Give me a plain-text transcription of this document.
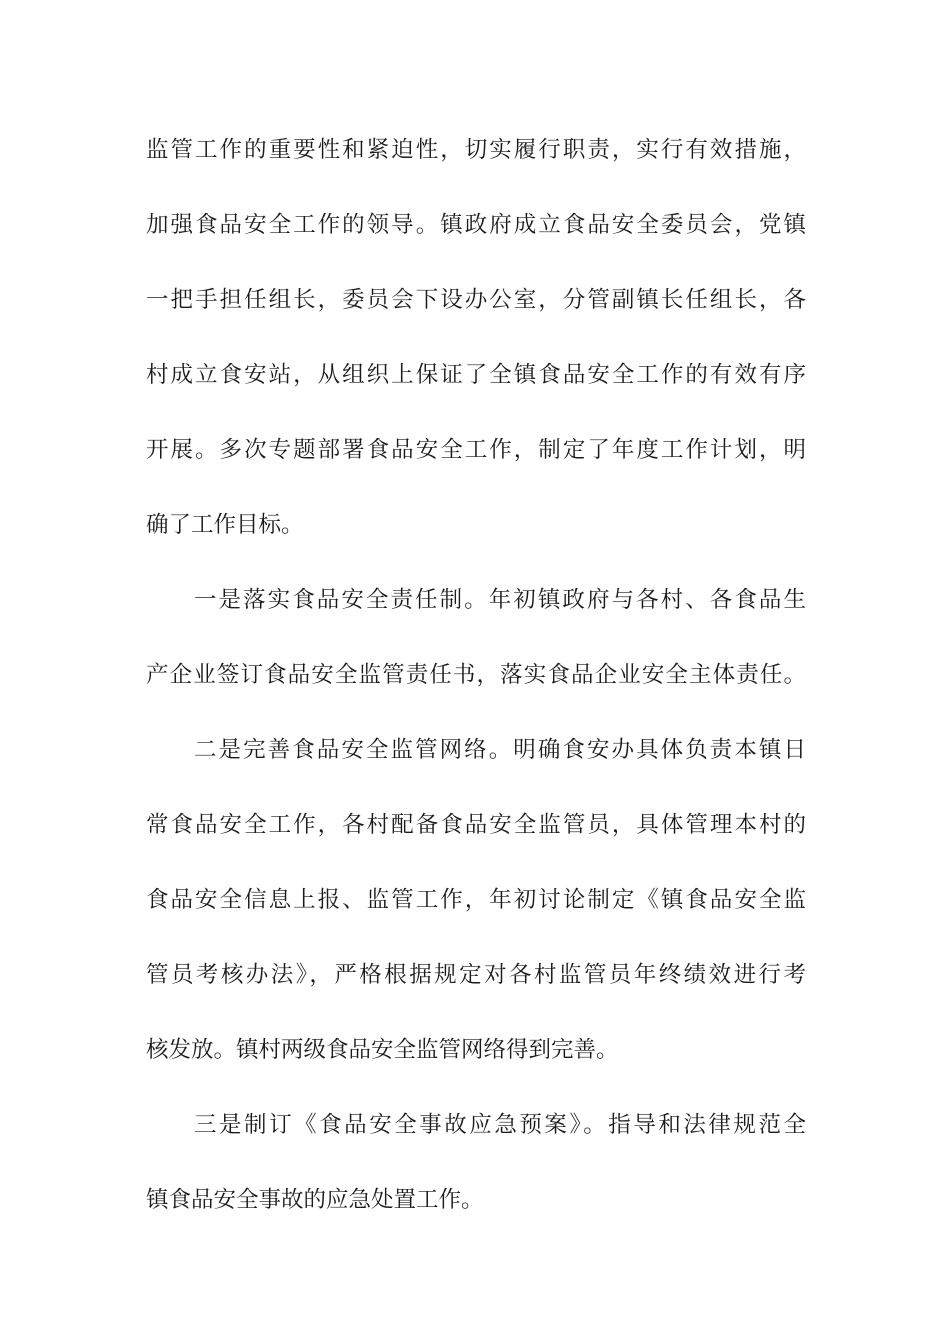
监管工作的重要性和紧迫性，切实履行职责，实行有效措施，
加强食品安全工作的领导。镇政府成立食品安全委员会，党镇
一把手担任组长，委员会下设办公室，分管副镇长任组长，各
村成立食安站，从组织上保证了全镇食品安全工作的有效有序
开展。多次专题部署食品安全工作，制定了年度工作计划，明
确了工作目标。
一是落实食品安全责任制。年初镇政府与各村、各食品生
产企业签订食品安全监管责任书，落实食品企业安全主体责任。
二是完善食品安全监管网络。明确食安办具体负责本镇日
常食品安全工作，各村配备食品安全监管员，具体管理本村的
食品安全信息上报、监管工作，年初讨论制定《镇食品安全监
管员考核办法》，严格根据规定对各村监管员年终绩效进行考
核发放。镇村两级食品安全监管网络得到完善。
三是制订《食品安全事故应急预案》。指导和法律规范全
镇食品安全事故的应急处置工作。
